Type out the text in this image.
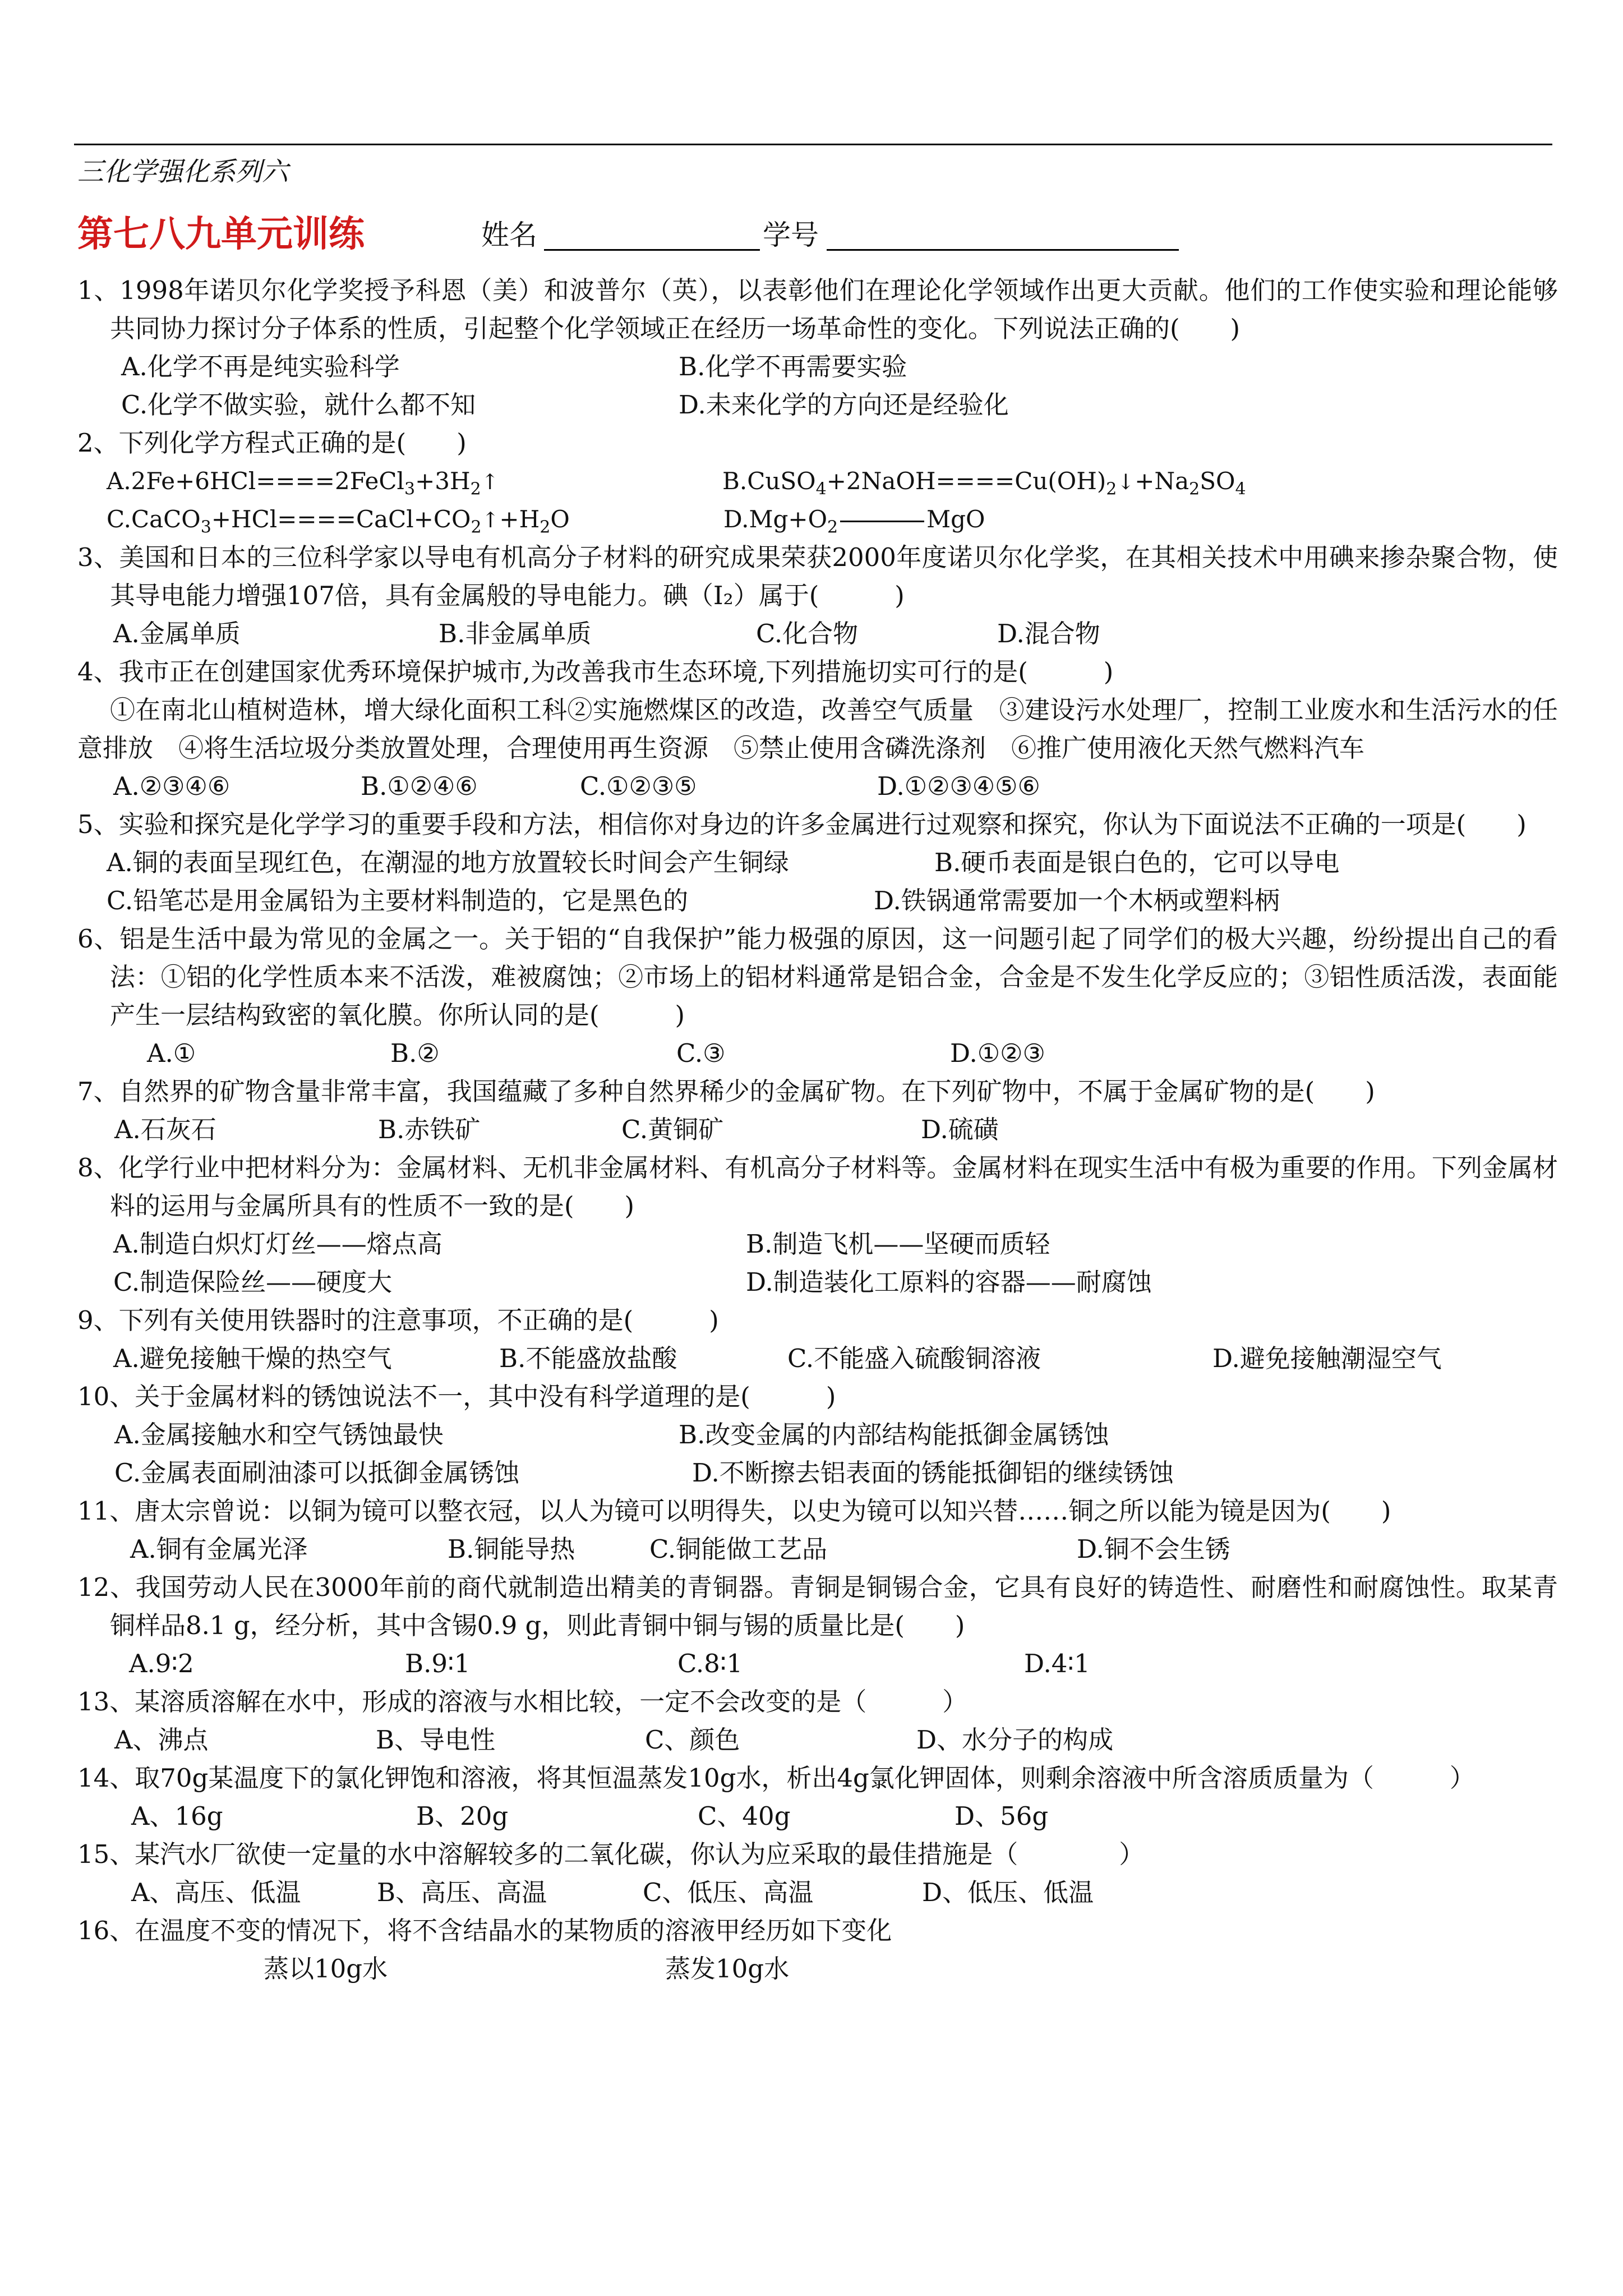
三化学强化系列六
第七八九单元训练	姓名	学号
1、1998年诺贝尔化学奖授予科恩（美）和波普尔（英），以表彰他们在理论化学领域作出更大贡献。他们的工作使实验和理论能够共同协力探讨分子体系的性质，引起整个化学领域正在经历一场革命性的变化。下列说法正确的(　　)
A.化学不再是纯实验科学	B.化学不再需要实验
C.化学不做实验，就什么都不知	D.未来化学的方向还是经验化
2、下列化学方程式正确的是(　　)
$A.2Fe+6HCl====2FeCl_3+3H_2↑$	$B.CuSO_4+2NaOH====Cu(OH)_2↓+Na_2SO_4$
$C.CaCO_3+HCl====CaCl+CO_2↑+H_2O$	$D.Mg+O_2$	MgO
3、美国和日本的三位科学家以导电有机高分子材料的研究成果荣获2000年度诺贝尔化学奖，在其相关技术中用碘来掺杂聚合物，使其导电能力增强107倍，具有金属般的导电能力。碘（I₂）属于(　　　)
A.金属单质	B.非金属单质	C.化合物	D.混合物
4、我市正在创建国家优秀环境保护城市,为改善我市生态环境,下列措施切实可行的是(　　　)
①在南北山植树造林，增大绿化面积工科②实施燃煤区的改造，改善空气质量　③建设污水处理厂，控制工业废水和生活污水的任意排放　④将生活垃圾分类放置处理，合理使用再生资源　⑤禁止使用含磷洗涤剂　⑥推广使用液化天然气燃料汽车
A.②③④⑥	B.①②④⑥	C.①②③⑤	D.①②③④⑤⑥
5、实验和探究是化学学习的重要手段和方法，相信你对身边的许多金属进行过观察和探究，你认为下面说法不正确的一项是(　　)
A.铜的表面呈现红色，在潮湿的地方放置较长时间会产生铜绿	B.硬币表面是银白色的，它可以导电
C.铅笔芯是用金属铅为主要材料制造的，它是黑色的	D.铁锅通常需要加一个木柄或塑料柄
6、铝是生活中最为常见的金属之一。关于铝的“自我保护”能力极强的原因，这一问题引起了同学们的极大兴趣，纷纷提出自己的看法：①铝的化学性质本来不活泼，难被腐蚀；②市场上的铝材料通常是铝合金，合金是不发生化学反应的；③铝性质活泼，表面能产生一层结构致密的氧化膜。你所认同的是(　　　)
A.①	B.②	C.③	D.①②③
7、自然界的矿物含量非常丰富，我国蕴藏了多种自然界稀少的金属矿物。在下列矿物中，不属于金属矿物的是(　　)
A.石灰石	B.赤铁矿	C.黄铜矿	D.硫磺
8、化学行业中把材料分为：金属材料、无机非金属材料、有机高分子材料等。金属材料在现实生活中有极为重要的作用。下列金属材料的运用与金属所具有的性质不一致的是(　　)
A.制造白炽灯灯丝——熔点高	B.制造飞机——坚硬而质轻
C.制造保险丝——硬度大	D.制造装化工原料的容器——耐腐蚀
9、下列有关使用铁器时的注意事项，不正确的是(　　　)
A.避免接触干燥的热空气	B.不能盛放盐酸	C.不能盛入硫酸铜溶液	D.避免接触潮湿空气
10、关于金属材料的锈蚀说法不一，其中没有科学道理的是(　　　)
A.金属接触水和空气锈蚀最快	B.改变金属的内部结构能抵御金属锈蚀
C.金属表面刷油漆可以抵御金属锈蚀	D.不断擦去铝表面的锈能抵御铝的继续锈蚀
11、唐太宗曾说：以铜为镜可以整衣冠，以人为镜可以明得失，以史为镜可以知兴替……铜之所以能为镜是因为(　　)
A.铜有金属光泽	B.铜能导热	C.铜能做工艺品	D.铜不会生锈
12、我国劳动人民在3000年前的商代就制造出精美的青铜器。青铜是铜锡合金，它具有良好的铸造性、耐磨性和耐腐蚀性。取某青铜样品8.1 g，经分析，其中含锡0.9 g，则此青铜中铜与锡的质量比是(　　)
A.9∶2	B.9∶1	C.8∶1	D.4∶1
13、某溶质溶解在水中，形成的溶液与水相比较，一定不会改变的是（　　　）
A、沸点	B、导电性	C、颜色	D、水分子的构成
14、取70g某温度下的氯化钾饱和溶液，将其恒温蒸发10g水，析出4g氯化钾固体，则剩余溶液中所含溶质质量为（　　　）
A、16g	B、20g	C、40g	D、56g
15、某汽水厂欲使一定量的水中溶解较多的二氧化碳，你认为应采取的最佳措施是（　　　　）
A、高压、低温	B、高压、高温	C、低压、高温	D、低压、低温
16、在温度不变的情况下，将不含结晶水的某物质的溶液甲经历如下变化
蒸以10g水	蒸发10g水
